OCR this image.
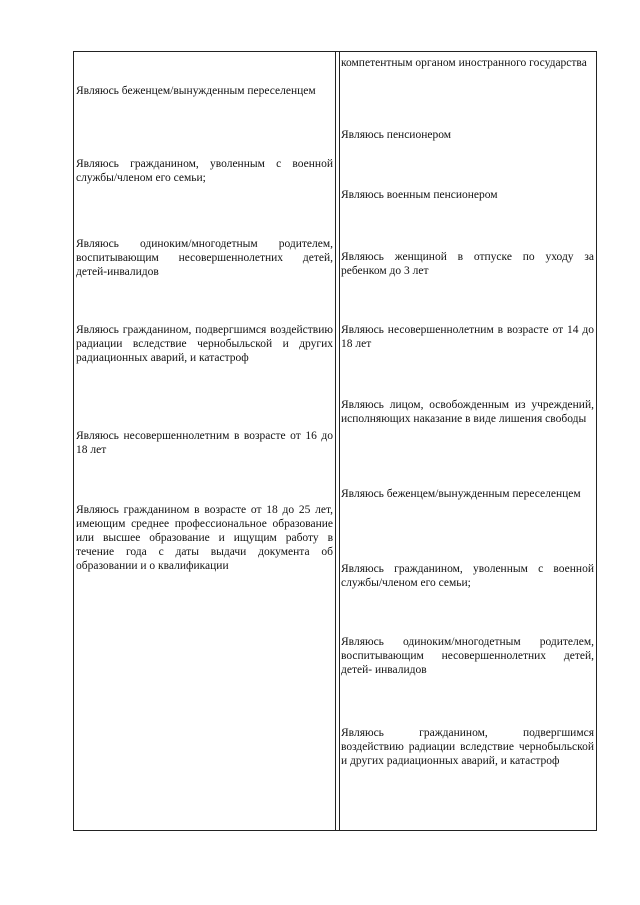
Являюсь беженцем/вынужденным переселенцем

Являюсь гражданином, уволенным с военной службы/членом его семьи;

Являюсь одиноким/многодетным родителем, воспитывающим несовершеннолетних детей, детей-инвалидов

Являюсь гражданином, подвергшимся воздействию радиации вследствие чернобыльской и других радиационных аварий, и катастроф

Являюсь несовершеннолетним в возрасте от 16 до 18 лет

Являюсь гражданином в возрасте от 18 до 25 лет, имеющим среднее профессиональное образование или высшее образование и ищущим работу в течение года с даты выдачи документа об образовании и о квалификации

компетентным органом иностранного государства

Являюсь пенсионером

Являюсь военным пенсионером

Являюсь женщиной в отпуске по уходу за ребенком до 3 лет

Являюсь несовершеннолетним в возрасте от 14 до 18 лет

Являюсь лицом, освобожденным из учреждений, исполняющих наказание в виде лишения свободы

Являюсь беженцем/вынужденным переселенцем

Являюсь гражданином, уволенным с военной службы/членом его семьи;

Являюсь одиноким/многодетным родителем, воспитывающим несовершеннолетних детей, детей- инвалидов

Являюсь гражданином, подвергшимся воздействию радиации вследствие чернобыльской и других радиационных аварий, и катастроф
